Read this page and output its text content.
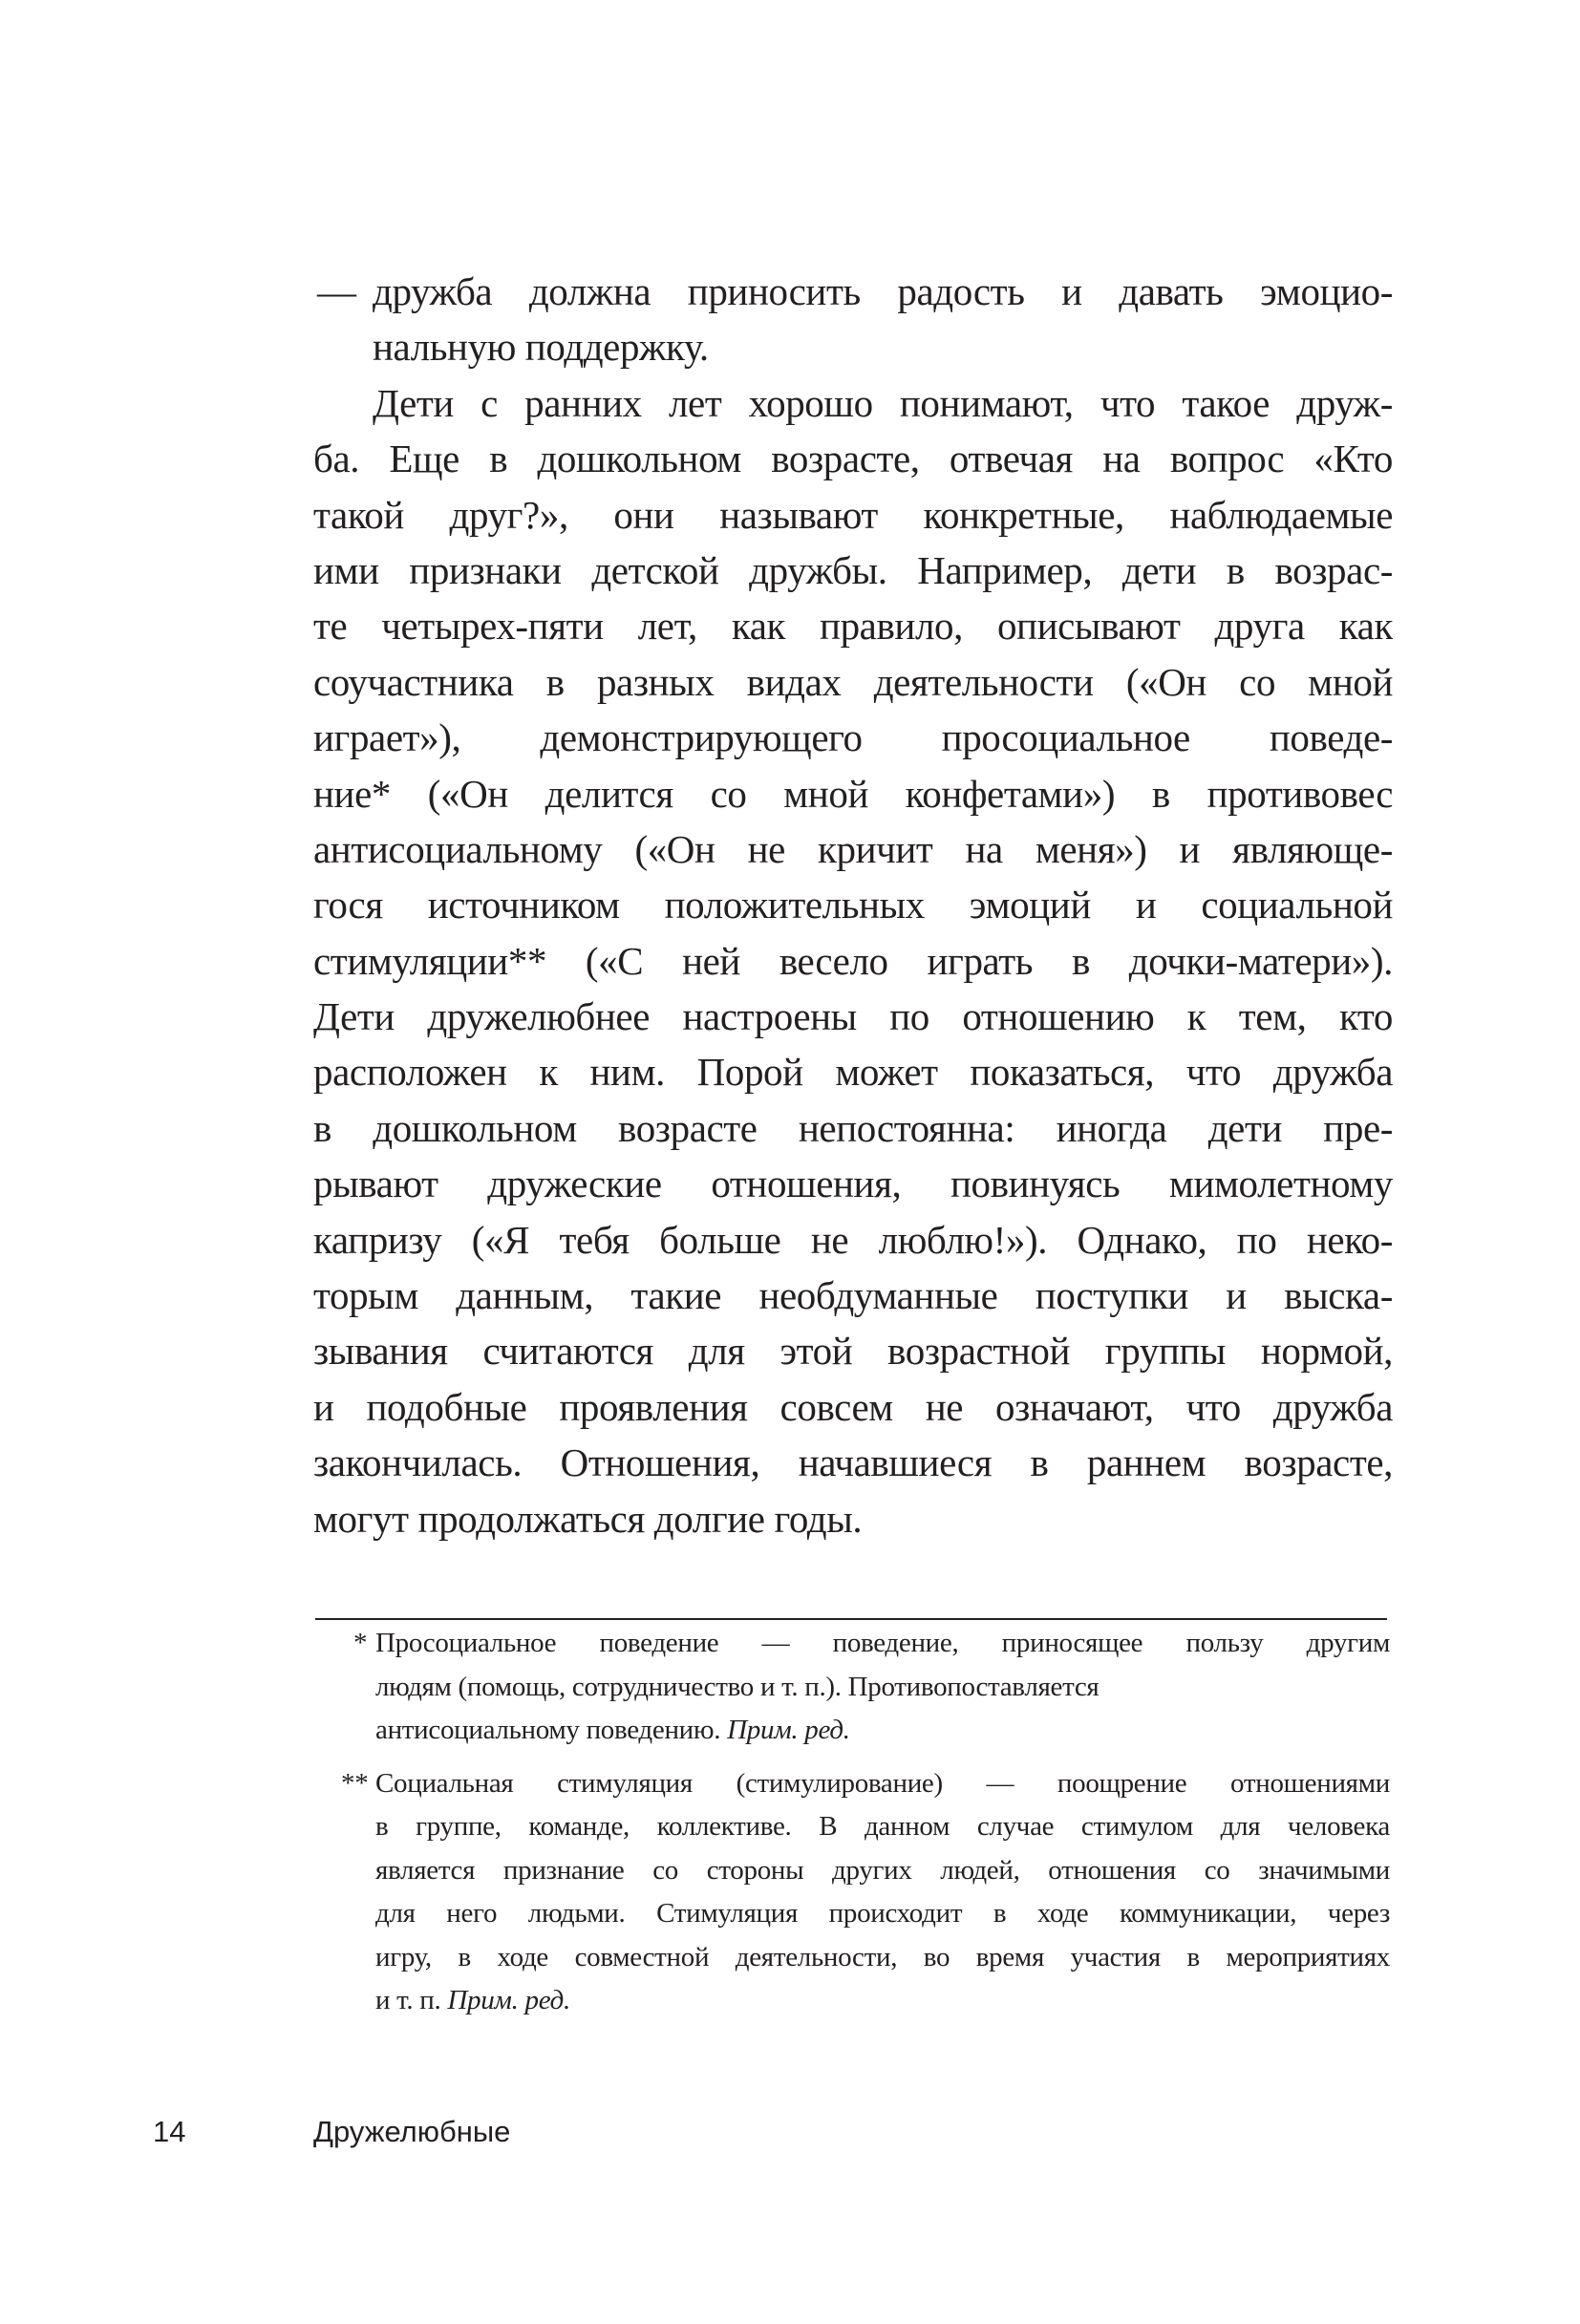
— дружба должна приносить радость и давать эмоцио-
нальную поддержку.
Дети с ранних лет хорошо понимают, что такое друж-
ба. Еще в дошкольном возрасте, отвечая на вопрос «Кто
такой друг?», они называют конкретные, наблюдаемые
ими признаки детской дружбы. Например, дети в возрас-
те четырех-пяти лет, как правило, описывают друга как
соучастника в разных видах деятельности («Он со мной
играет»), демонстрирующего просоциальное поведе-
ние* («Он делится со мной конфетами») в противовес
антисоциальному («Он не кричит на меня») и являюще-
гося источником положительных эмоций и социальной
стимуляции** («С ней весело играть в дочки-матери»).
Дети дружелюбнее настроены по отношению к тем, кто
расположен к ним. Порой может показаться, что дружба
в дошкольном возрасте непостоянна: иногда дети пре-
рывают дружеские отношения, повинуясь мимолетному
капризу («Я тебя больше не люблю!»). Однако, по неко-
торым данным, такие необдуманные поступки и выска-
зывания считаются для этой возрастной группы нормой,
и подобные проявления совсем не означают, что дружба
закончилась. Отношения, начавшиеся в раннем возрасте,
могут продолжаться долгие годы.
* Просоциальное поведение — поведение, приносящее пользу другим
людям (помощь, сотрудничество и т. п.). Противопоставляется
антисоциальному поведению. Прим. ред.
** Социальная стимуляция (стимулирование) — поощрение отношениями
в группе, команде, коллективе. В данном случае стимулом для человека
является признание со стороны других людей, отношения со значимыми
для него людьми. Стимуляция происходит в ходе коммуникации, через
игру, в ходе совместной деятельности, во время участия в мероприятиях
и т. п. Прим. ред.
14	Дружелюбные
